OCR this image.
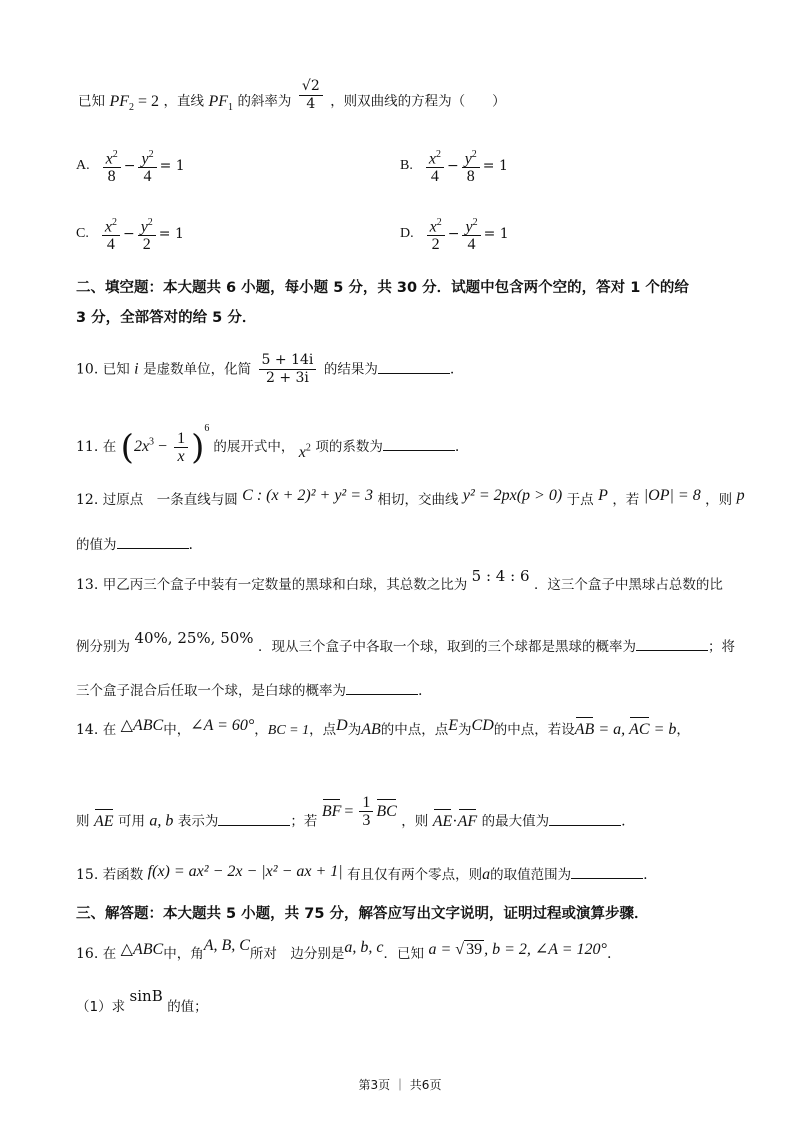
已知 $PF_2 = 2$ ，直线 $PF_1$ 的斜率为 $\frac{√2}{4}$ ，则双曲线的方程为（　　）
A. $\frac{x^2}{8} - \frac{y^2}{4} = 1$	B. $\frac{x^2}{4} - \frac{y^2}{8} = 1$
C. $\frac{x^2}{4} - \frac{y^2}{2} = 1$	D. $\frac{x^2}{2} - \frac{y^2}{4} = 1$
二、填空题：本大题共 6 小题，每小题 5 分，共 30 分．试题中包含两个空的，答对 1 个的给
3 分，全部答对的给 5 分．
10. 已知 i 是虚数单位，化简 $\frac{5 + 14i}{2 + 3i}$ 的结果为	.
11. 在 $(2x^3 - \frac{1}{x} )^6$ 的展开式中， $x^2$ 项的系数为	.
12. 过原点　一条直线与圆 C : (x + 2)² + y² = 3 相切，交曲线 y² = 2px(p > 0) 于点 P ，若 |OP| = 8 ，则 p
的值为	.
13. 甲乙丙三个盒子中装有一定数量的黑球和白球，其总数之比为 5 : 4 : 6 ．这三个盒子中黑球占总数的比
例分别为 40%, 25%, 50% ．现从三个盒子中各取一个球，取到的三个球都是黑球的概率为	；将
三个盒子混合后任取一个球，是白球的概率为	.
14. 在 △ABC中，∠A = 60°，BC = 1，点D为AB的中点，点E为CD的中点，若设AB = a, AC = b，
则 AE 可用 a, b 表示为	；若
BF = $\frac{1}{3}$ BC
，则 AE·AF 的最大值为	.
15. 若函数 f(x) = ax² − 2x − |x² − ax + 1| 有且仅有两个零点，则a的取值范围为	.
三、解答题：本大题共 5 小题，共 75 分，解答应写出文字说明，证明过程或演算步骤．
16. 在 △ABC中，角A, B, C所对　边分别是a, b, c．已知 a = √ 39 , b = 2, ∠A = 120°.
（1）求 sinB 的值；
第3页 ｜ 共6页
